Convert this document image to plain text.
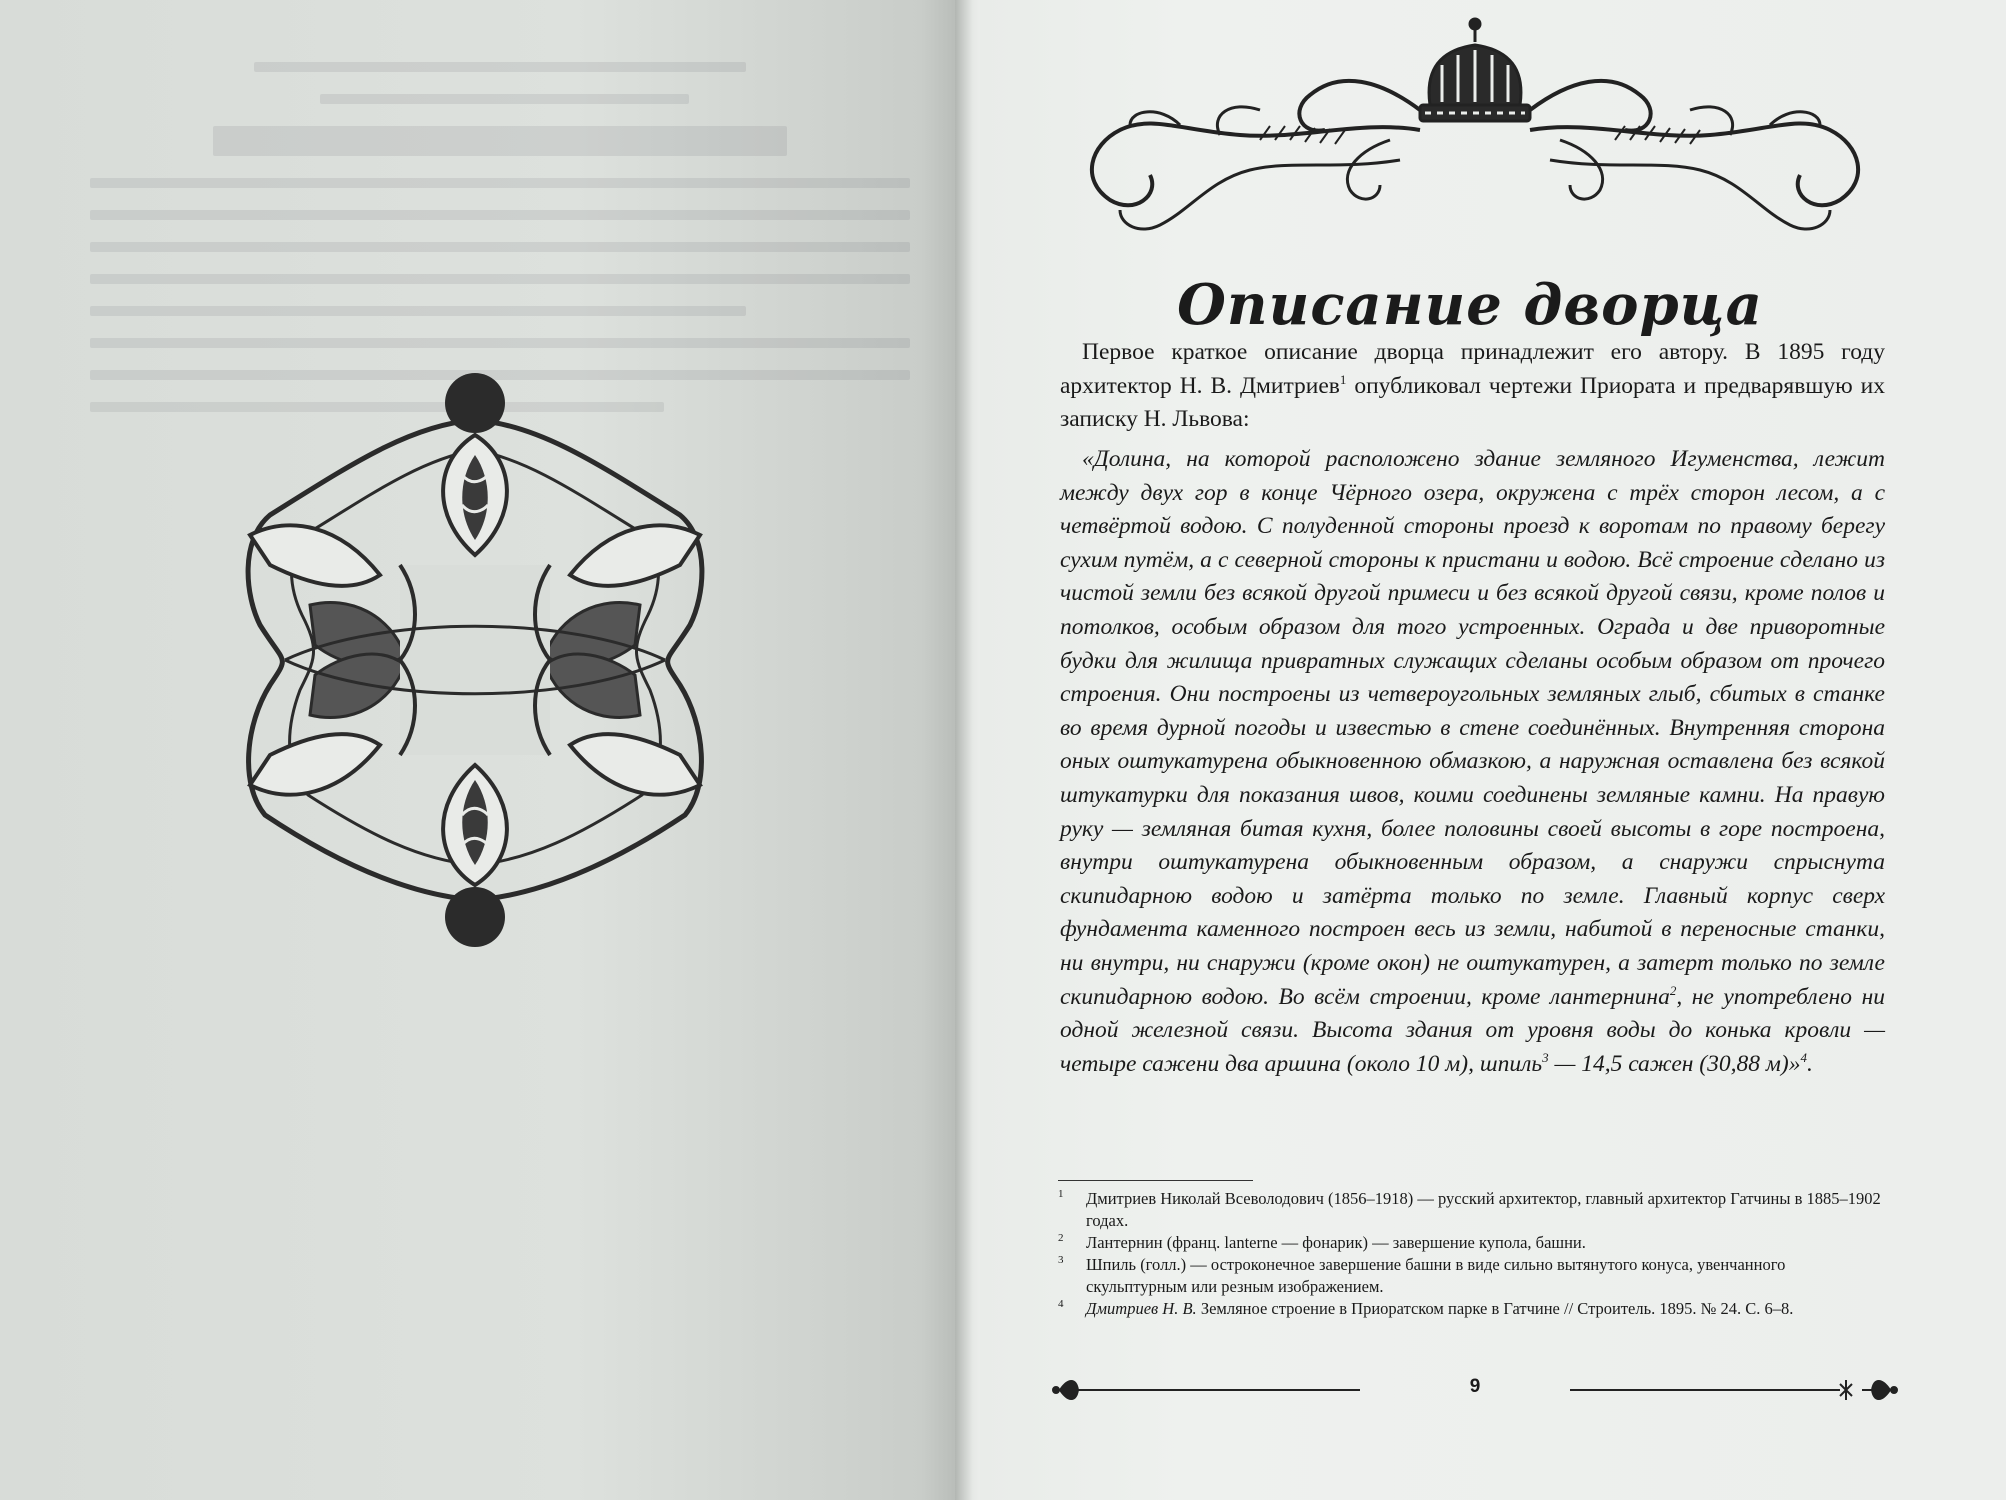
Описание дворца

Первое краткое описание дворца принадлежит его автору. В 1895 году архитектор Н. В. Дмитриев$^1$ опубликовал чертежи Приората и предварявшую их записку Н. Львова:

«Долина, на которой расположено здание земляного Игуменства, лежит между двух гор в конце Чёрного озера, окружена с трёх сторон лесом, а с четвёртой водою. С полуденной стороны проезд к воротам по правому берегу сухим путём, а с северной стороны к пристани и водою. Всё строение сделано из чистой земли без всякой другой примеси и без всякой другой связи, кроме полов и потолков, особым образом для того устроенных. Ограда и две приворотные будки для жилища привратных служащих сделаны особым образом от прочего строения. Они построены из четвероугольных земляных глыб, сбитых в станке во время дурной погоды и известью в стене соединённых. Внутренняя сторона оных оштукатурена обыкновенною обмазкою, а наружная оставлена без всякой штукатурки для показания швов, коими соединены земляные камни. На правую руку — земляная битая кухня, более половины своей высоты в горе построена, внутри оштукатурена обыкновенным образом, а снаружи спрыснута скипидарною водою и затёрта только по земле. Главный корпус сверх фундамента каменного построен весь из земли, набитой в переносные станки, ни внутри, ни снаружи (кроме окон) не оштукатурен, а затерт только по земле скипидарною водою. Во всём строении, кроме лантернина$^2$, не употреблено ни одной железной связи. Высота здания от уровня воды до конька кровли — четыре сажени два аршина (около 10 м), шпиль$^3$ — 14,5 сажен (30,88 м)»$^4$.

1 Дмитриев Николай Всеволодович (1856–1918) — русский архитектор, главный архитектор Гатчины в 1885–1902 годах.

2 Лантернин (франц. lanterne — фонарик) — завершение купола, башни.

3 Шпиль (голл.) — остроконечное завершение башни в виде сильно вытянутого конуса, увенчанного скульптурным или резным изображением.

4 Дмитриев Н. В. Земляное строение в Приоратском парке в Гатчине // Строитель. 1895. № 24. С. 6–8.

9
